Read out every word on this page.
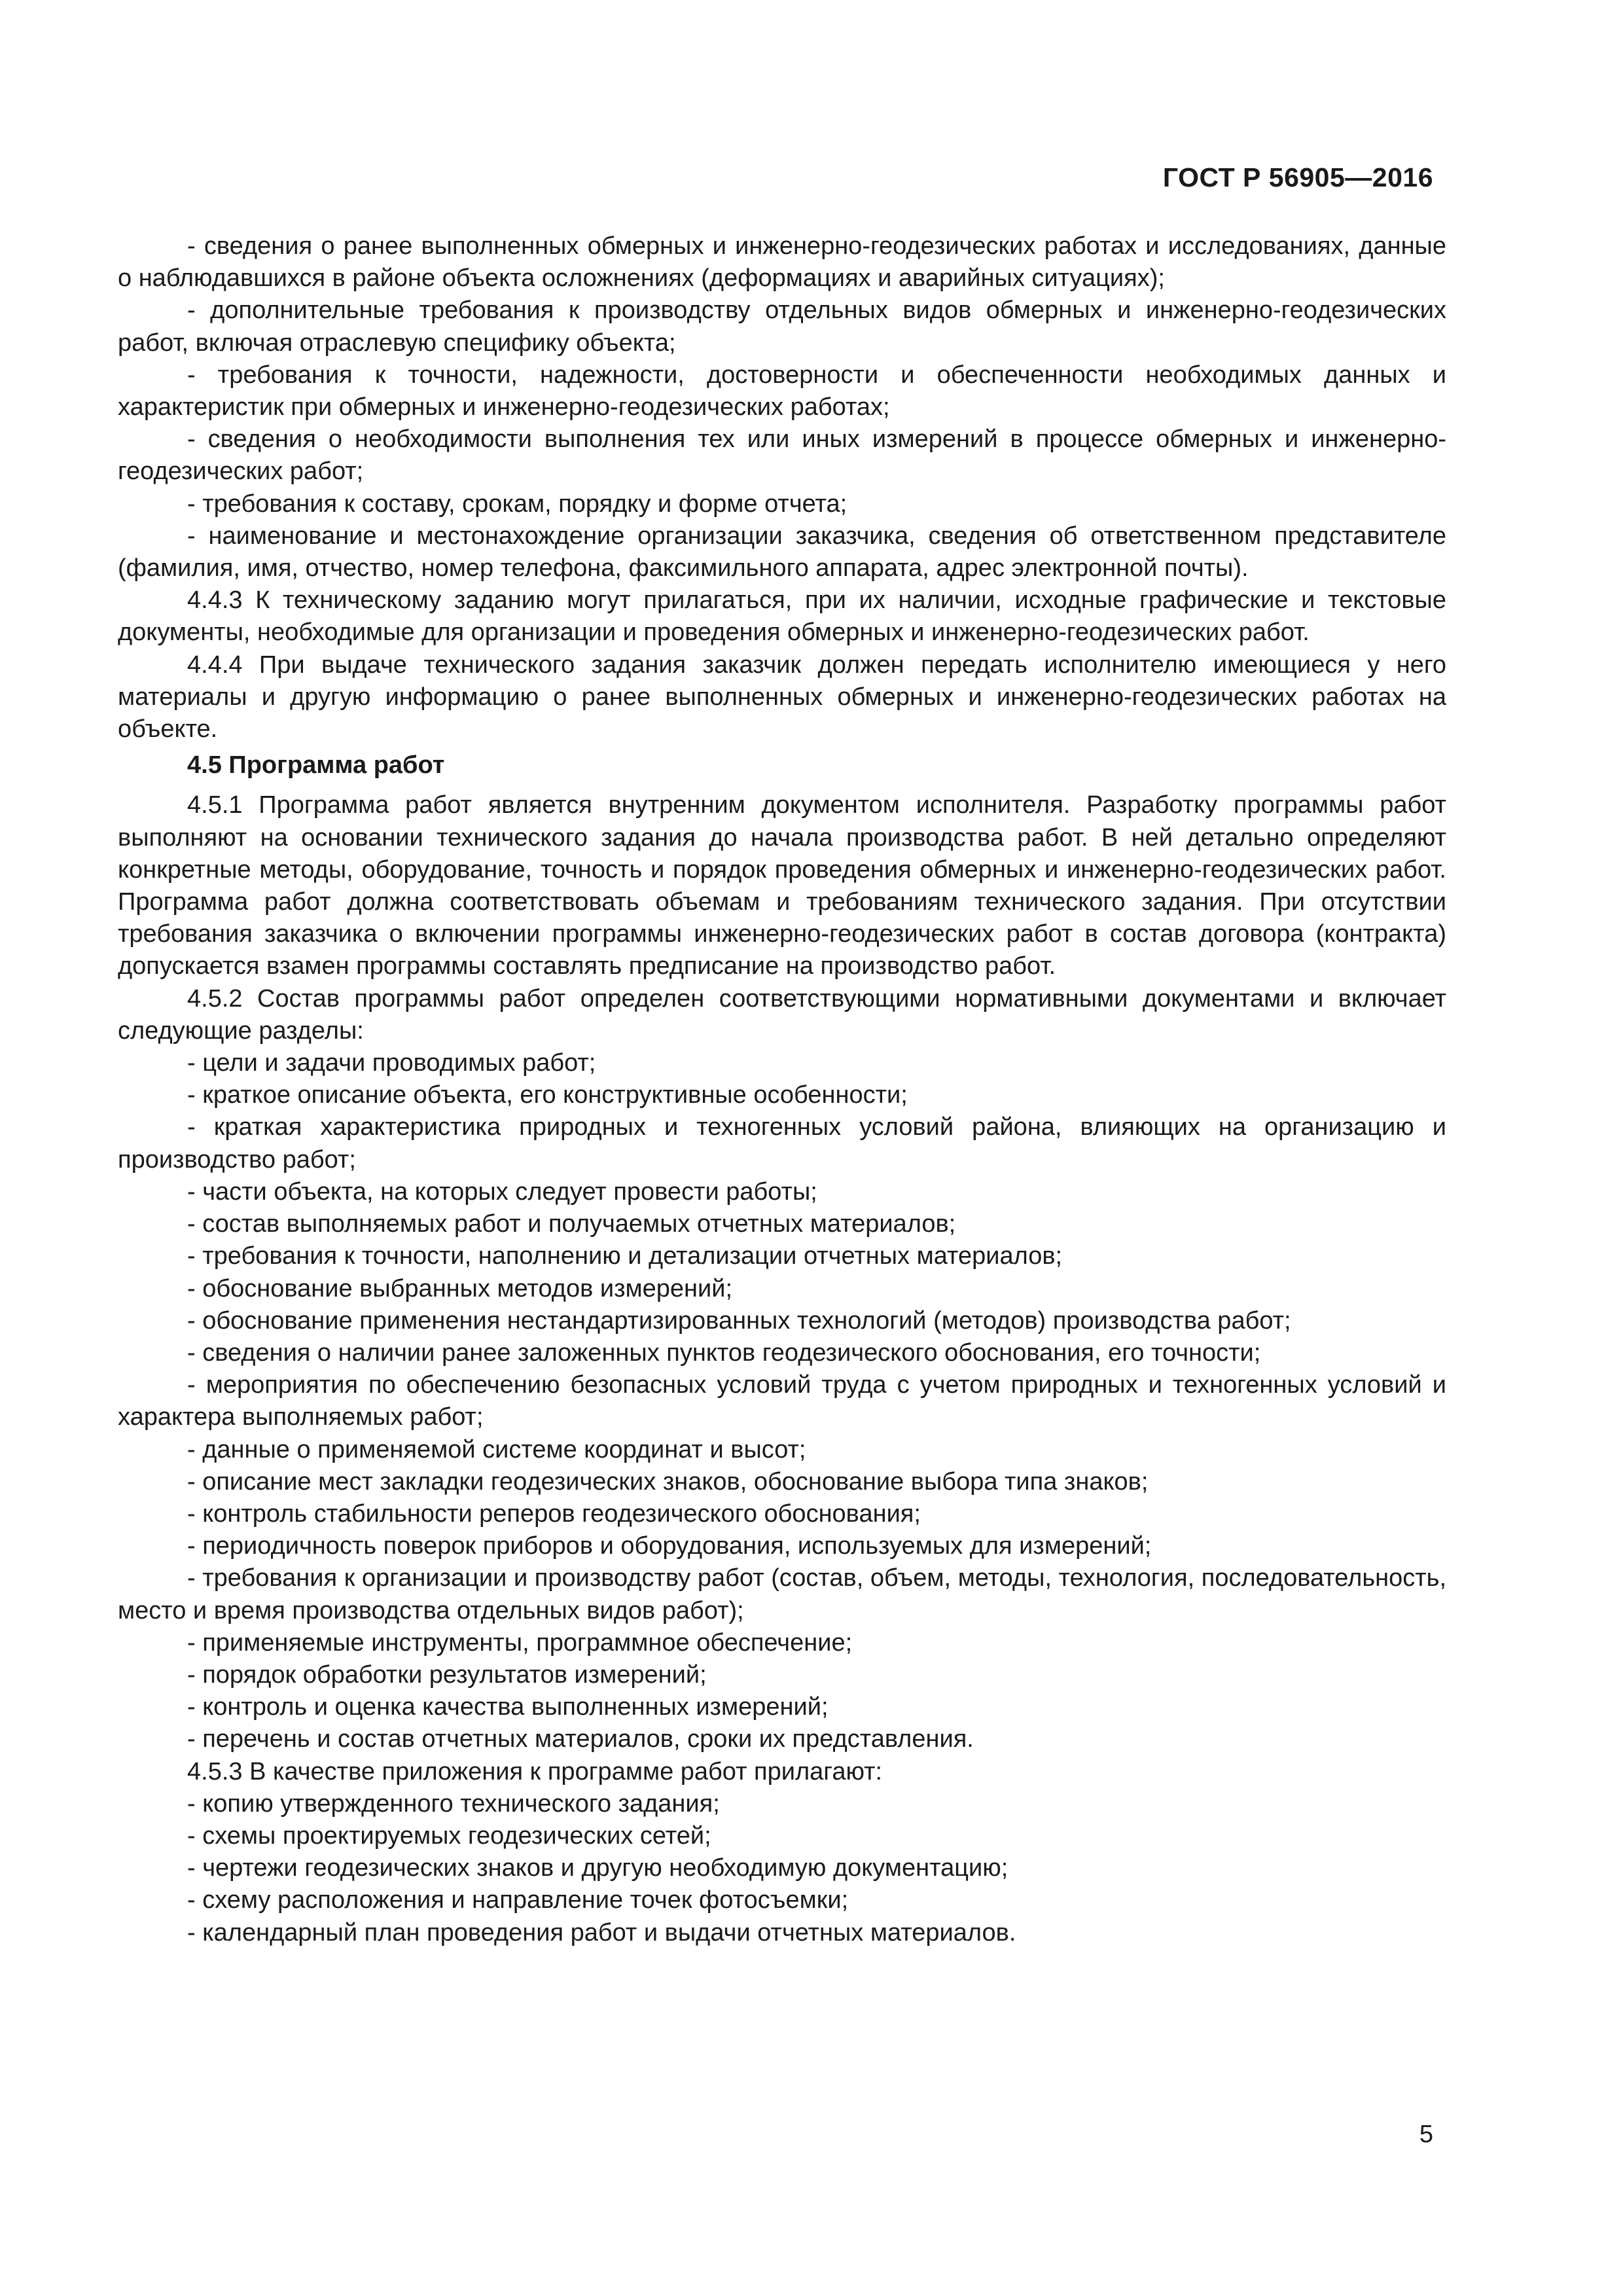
ГОСТ Р 56905—2016

- сведения о ранее выполненных обмерных и инженерно-геодезических работах и исследованиях, данные о наблюдавшихся в районе объекта осложнениях (деформациях и аварийных ситуациях);

- дополнительные требования к производству отдельных видов обмерных и инженерно-геодезических работ, включая отраслевую специфику объекта;

- требования к точности, надежности, достоверности и обеспеченности необходимых данных и характеристик при обмерных и инженерно-геодезических работах;

- сведения о необходимости выполнения тех или иных измерений в процессе обмерных и инженерно-геодезических работ;

- требования к составу, срокам, порядку и форме отчета;

- наименование и местонахождение организации заказчика, сведения об ответственном представителе (фамилия, имя, отчество, номер телефона, факсимильного аппарата, адрес электронной почты).

4.4.3 К техническому заданию могут прилагаться, при их наличии, исходные графические и текстовые документы, необходимые для организации и проведения обмерных и инженерно-геодезических работ.

4.4.4 При выдаче технического задания заказчик должен передать исполнителю имеющиеся у него материалы и другую информацию о ранее выполненных обмерных и инженерно-геодезических работах на объекте.

4.5 Программа работ

4.5.1 Программа работ является внутренним документом исполнителя. Разработку программы работ выполняют на основании технического задания до начала производства работ. В ней детально определяют конкретные методы, оборудование, точность и порядок проведения обмерных и инженерно-геодезических работ. Программа работ должна соответствовать объемам и требованиям технического задания. При отсутствии требования заказчика о включении программы инженерно-геодезических работ в состав договора (контракта) допускается взамен программы составлять предписание на производство работ.

4.5.2 Состав программы работ определен соответствующими нормативными документами и включает следующие разделы:

- цели и задачи проводимых работ;

- краткое описание объекта, его конструктивные особенности;

- краткая характеристика природных и техногенных условий района, влияющих на организацию и производство работ;

- части объекта, на которых следует провести работы;

- состав выполняемых работ и получаемых отчетных материалов;

- требования к точности, наполнению и детализации отчетных материалов;

- обоснование выбранных методов измерений;

- обоснование применения нестандартизированных технологий (методов) производства работ;

- сведения о наличии ранее заложенных пунктов геодезического обоснования, его точности;

- мероприятия по обеспечению безопасных условий труда с учетом природных и техногенных условий и характера выполняемых работ;

- данные о применяемой системе координат и высот;

- описание мест закладки геодезических знаков, обоснование выбора типа знаков;

- контроль стабильности реперов геодезического обоснования;

- периодичность поверок приборов и оборудования, используемых для измерений;

- требования к организации и производству работ (состав, объем, методы, технология, последовательность, место и время производства отдельных видов работ);

- применяемые инструменты, программное обеспечение;

- порядок обработки результатов измерений;

- контроль и оценка качества выполненных измерений;

- перечень и состав отчетных материалов, сроки их представления.

4.5.3 В качестве приложения к программе работ прилагают:

- копию утвержденного технического задания;

- схемы проектируемых геодезических сетей;

- чертежи геодезических знаков и другую необходимую документацию;

- схему расположения и направление точек фотосъемки;

- календарный план проведения работ и выдачи отчетных материалов.

5
